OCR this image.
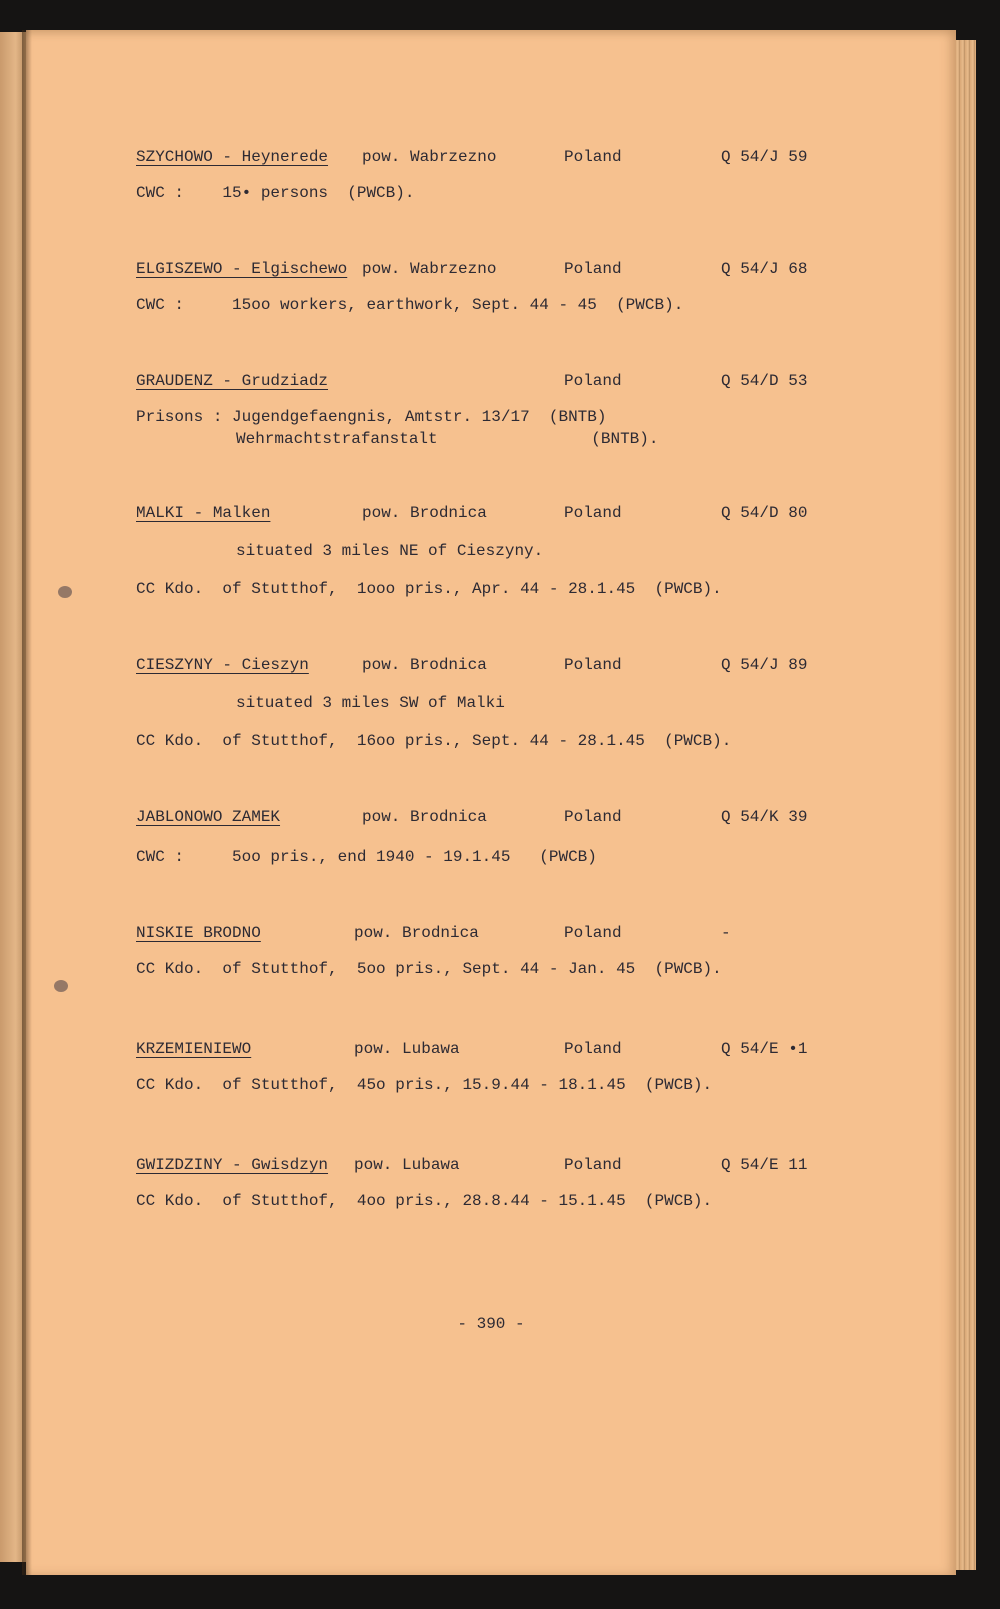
SZYCHOWO - Heynerede pow. Wabrzezno	Poland	Q 54/J 59
CWC :    15• persons  (PWCB).
ELGISZEWO - Elgischewo pow. Wabrzezno	Poland	Q 54/J 68
CWC :     15oo workers, earthwork, Sept. 44 - 45  (PWCB).
GRAUDENZ - Grudziadz	Poland	Q 54/D 53
Prisons : Jugendgefaengnis, Amtstr. 13/17  (BNTB)
Wehrmachtstrafanstalt                (BNTB).
MALKI - Malken	pow. Brodnica	Poland	Q 54/D 80
situated 3 miles NE of Cieszyny.
CC Kdo.  of Stutthof,  1ooo pris., Apr. 44 - 28.1.45  (PWCB).
CIESZYNY - Cieszyn	pow. Brodnica	Poland	Q 54/J 89
situated 3 miles SW of Malki
CC Kdo.  of Stutthof,  16oo pris., Sept. 44 - 28.1.45  (PWCB).
JABLONOWO ZAMEK	pow. Brodnica	Poland	Q 54/K 39
CWC :     5oo pris., end 1940 - 19.1.45   (PWCB)
NISKIE BRODNO	pow. Brodnica	Poland	-
CC Kdo.  of Stutthof,  5oo pris., Sept. 44 - Jan. 45  (PWCB).
KRZEMIENIEWO	pow. Lubawa	Poland	Q 54/E •1
CC Kdo.  of Stutthof,  45o pris., 15.9.44 - 18.1.45  (PWCB).
GWIZDZINY - Gwisdzyn pow. Lubawa	Poland	Q 54/E 11
CC Kdo.  of Stutthof,  4oo pris., 28.8.44 - 15.1.45  (PWCB).
- 390 -
